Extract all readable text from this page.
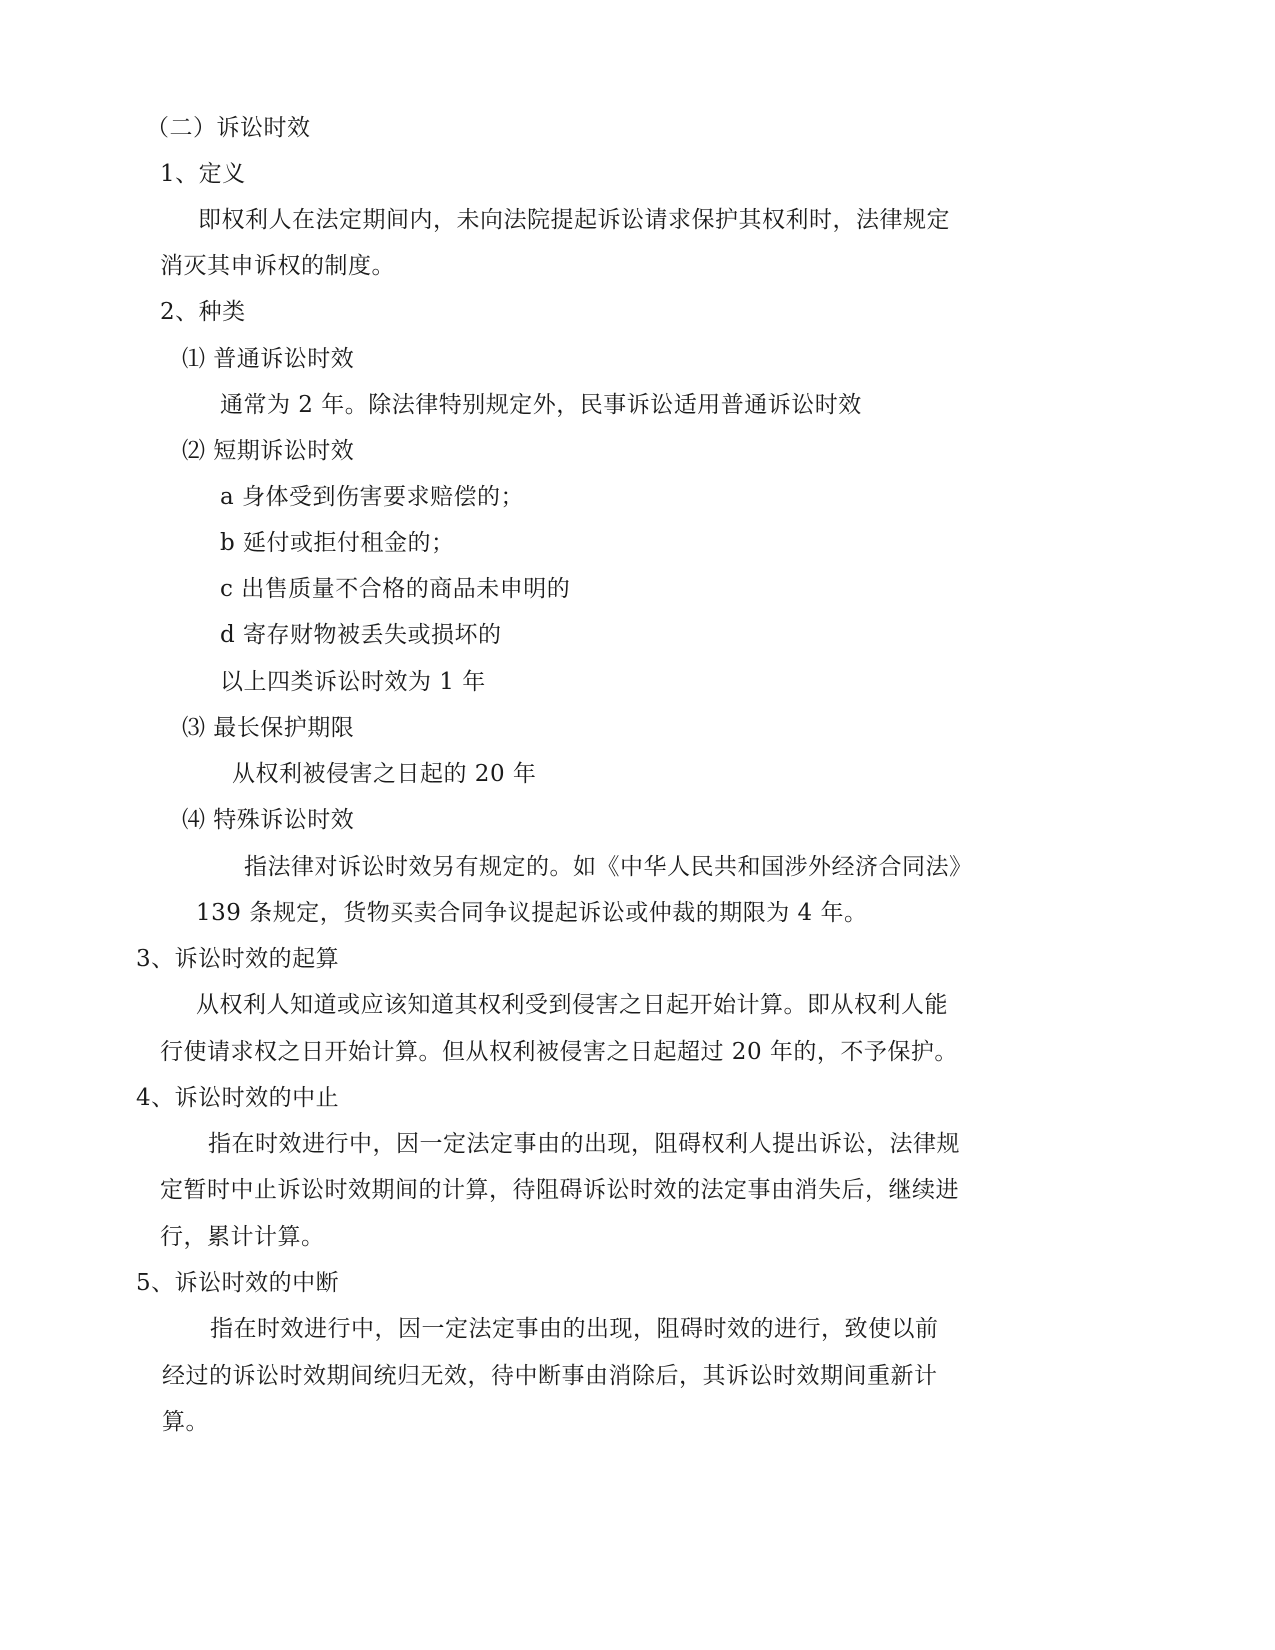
（二）诉讼时效
1、定义
即权利人在法定期间内，未向法院提起诉讼请求保护其权利时，法律规定
消灭其申诉权的制度。
2、种类
⑴ 普通诉讼时效
通常为 2 年。除法律特别规定外，民事诉讼适用普通诉讼时效
⑵ 短期诉讼时效
a 身体受到伤害要求赔偿的；
b 延付或拒付租金的；
c 出售质量不合格的商品未申明的
d 寄存财物被丢失或损坏的
以上四类诉讼时效为 1 年
⑶ 最长保护期限
从权利被侵害之日起的 20 年
⑷ 特殊诉讼时效
指法律对诉讼时效另有规定的。如《中华人民共和国涉外经济合同法》
139 条规定，货物买卖合同争议提起诉讼或仲裁的期限为 4 年。
3、诉讼时效的起算
从权利人知道或应该知道其权利受到侵害之日起开始计算。即从权利人能
行使请求权之日开始计算。但从权利被侵害之日起超过 20 年的，不予保护。
4、诉讼时效的中止
指在时效进行中，因一定法定事由的出现，阻碍权利人提出诉讼，法律规
定暂时中止诉讼时效期间的计算，待阻碍诉讼时效的法定事由消失后，继续进
行，累计计算。
5、诉讼时效的中断
指在时效进行中，因一定法定事由的出现，阻碍时效的进行，致使以前
经过的诉讼时效期间统归无效，待中断事由消除后，其诉讼时效期间重新计
算。
